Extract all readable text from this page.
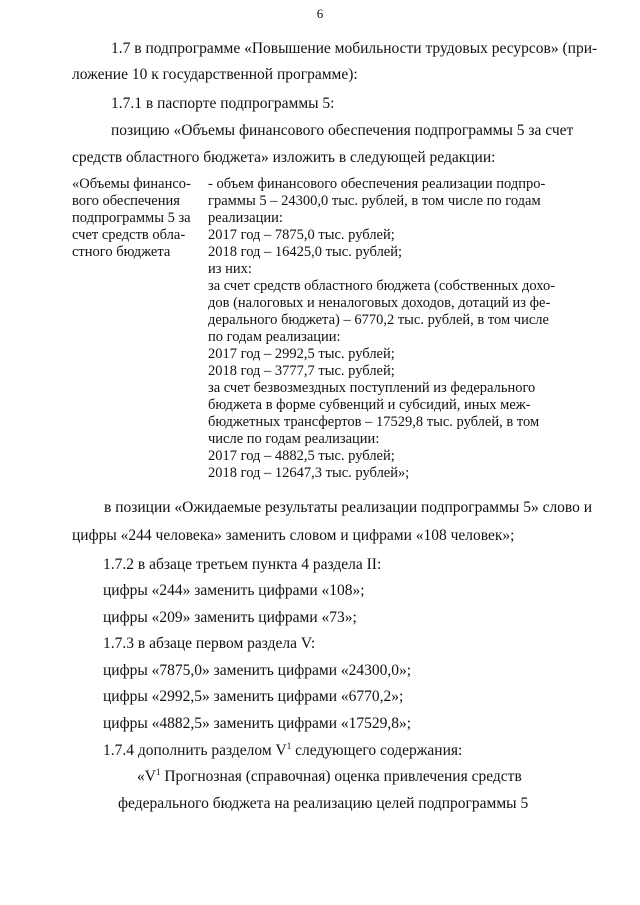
6
1.7 в подпрограмме «Повышение мобильности трудовых ресурсов» (при-
ложение 10 к государственной программе):
1.7.1 в паспорте подпрограммы 5:
позицию «Объемы финансового обеспечения подпрограммы 5 за счет
средств областного бюджета» изложить в следующей редакции:
«Объемы финансо-
вого обеспечения
подпрограммы 5 за
счет средств обла-
стного бюджета
- объем финансового обеспечения реализации подпро-
граммы 5 – 24300,0 тыс. рублей, в том числе по годам
реализации:
2017 год – 7875,0 тыс. рублей;
2018 год – 16425,0 тыс. рублей;
из них:
за счет средств областного бюджета (собственных дохо-
дов (налоговых и неналоговых доходов, дотаций из фе-
дерального бюджета) – 6770,2 тыс. рублей, в том числе
по годам реализации:
2017 год – 2992,5 тыс. рублей;
2018 год – 3777,7 тыс. рублей;
за счет безвозмездных поступлений из федерального
бюджета в форме субвенций и субсидий, иных меж-
бюджетных трансфертов – 17529,8 тыс. рублей, в том
числе по годам реализации:
2017 год – 4882,5 тыс. рублей;
2018 год – 12647,3 тыс. рублей»;
в позиции «Ожидаемые результаты реализации подпрограммы 5» слово и
цифры «244 человека» заменить словом и цифрами «108 человек»;
1.7.2 в абзаце третьем пункта 4 раздела II:
цифры «244» заменить цифрами «108»;
цифры «209» заменить цифрами «73»;
1.7.3 в абзаце первом раздела V:
цифры «7875,0» заменить цифрами «24300,0»;
цифры «2992,5» заменить цифрами «6770,2»;
цифры «4882,5» заменить цифрами «17529,8»;
1.7.4 дополнить разделом $V^1$ следующего содержания:
«$V^1$ Прогнозная (справочная) оценка привлечения средств
федерального бюджета на реализацию целей подпрограммы 5
